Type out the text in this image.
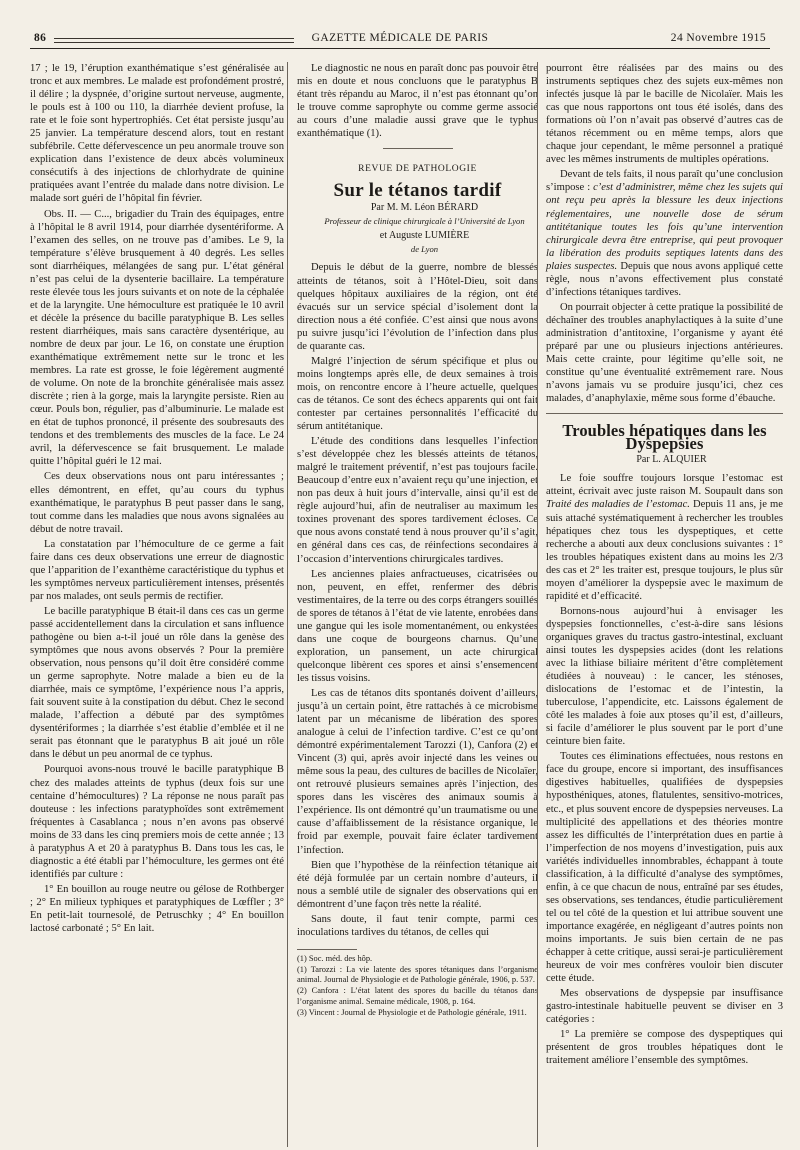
86	GAZETTE MÉDICALE DE PARIS	24 Novembre 1915

17 ; le 19, l’éruption exanthématique s’est généralisée au tronc et aux membres. Le malade est profondément prostré, il délire ; la dyspnée, d’origine surtout nerveuse, augmente, le pouls est à 100 ou 110, la diarrhée devient profuse, la rate et le foie sont hypertrophiés. Cet état persiste jusqu’au 25 janvier. La température descend alors, tout en restant subfébrile. Cette défervescence un peu anormale trouve son explication dans l’existence de deux abcès volumineux consécutifs à des injections de chlorhydrate de quinine pratiquées avant l’entrée du malade dans notre division. Le malade sort guéri de l’hôpital fin février.

Obs. II. — C..., brigadier du Train des équipages, entre à l’hôpital le 8 avril 1914, pour diarrhée dysentériforme. A l’examen des selles, on ne trouve pas d’amibes. Le 9, la température s’élève brusquement à 40 degrés. Les selles sont diarrhéiques, mélangées de sang pur. L’état général n’est pas celui de la dysenterie bacillaire. La température reste élevée tous les jours suivants et on note de la céphalée et de la laryngite. Une hémoculture est pratiquée le 10 avril et décèle la présence du bacille paratyphique B. Les selles restent diarrhéiques, mais sans caractère dysentérique, au nombre de deux par jour. Le 16, on constate une éruption exanthématique extrêmement nette sur le tronc et les membres. La rate est grosse, le foie légèrement augmenté de volume. On note de la bronchite généralisée mais assez discrète ; rien à la gorge, mais la laryngite persiste. Rien au cœur. Pouls bon, régulier, pas d’albuminurie. Le malade est en état de tuphos prononcé, il présente des soubresauts des tendons et des tremblements des muscles de la face. Le 24 avril, la défervescence se fait brusquement. Le malade quitte l’hôpital guéri le 12 mai.

Ces deux observations nous ont paru intéressantes ; elles démontrent, en effet, qu’au cours du typhus exanthématique, le paratyphus B peut passer dans le sang, tout comme dans les maladies que nous avons signalées au début de notre travail.

La constatation par l’hémoculture de ce germe a fait faire dans ces deux observations une erreur de diagnostic que l’apparition de l’exanthème caractéristique du typhus et les symptômes nerveux particulièrement intenses, présentés par nos malades, ont seuls permis de rectifier.

Le bacille paratyphique B était-il dans ces cas un germe passé accidentellement dans la circulation et sans influence pathogène ou bien a-t-il joué un rôle dans la genèse des symptômes que nous avons observés ? Pour la première observation, nous pensons qu’il doit être considéré comme un germe saprophyte. Notre malade a bien eu de la diarrhée, mais ce symptôme, l’expérience nous l’a appris, fait souvent suite à la constipation du début. Chez le second malade, l’affection a débuté par des symptômes dysentériformes ; la diarrhée s’est établie d’emblée et il ne serait pas étonnant que le paratyphus B ait joué un rôle dans le début un peu anormal de ce typhus.

Pourquoi avons-nous trouvé le bacille paratyphique B chez des malades atteints de typhus (deux fois sur une centaine d’hémocultures) ? La réponse ne nous paraît pas douteuse : les infections paratyphoïdes sont extrêmement fréquentes à Casablanca ; nous n’en avons pas observé moins de 33 dans les cinq premiers mois de cette année ; 13 à paratyphus A et 20 à paratyphus B. Dans tous les cas, le diagnostic a été établi par l’hémoculture, les germes ont été identifiés par culture :

1° En bouillon au rouge neutre ou gélose de Rothberger ; 2° En milieux typhiques et paratyphiques de Lœffler ; 3° En petit-lait tournesolé, de Petruschky ; 4° En bouillon lactosé carbonaté ; 5° En lait.

Le diagnostic ne nous en paraît donc pas pouvoir être mis en doute et nous concluons que le paratyphus B étant très répandu au Maroc, il n’est pas étonnant qu’on le trouve comme saprophyte ou comme germe associé au cours d’une maladie aussi grave que le typhus exanthématique (1).

REVUE DE PATHOLOGIE
Sur le tétanos tardif

Par M. M. Léon BÉRARD

Professeur de clinique chirurgicale à l’Université de Lyon

et Auguste LUMIÈRE

de Lyon

Depuis le début de la guerre, nombre de blessés atteints de tétanos, soit à l’Hôtel-Dieu, soit dans quelques hôpitaux auxiliaires de la région, ont été évacués sur un service spécial d’isolement dont la direction nous a été confiée. C’est ainsi que nous avons pu suivre jusqu’ici l’évolution de l’infection dans plus de quarante cas.

Malgré l’injection de sérum spécifique et plus ou moins longtemps après elle, de deux semaines à trois mois, on rencontre encore à l’heure actuelle, quelques cas de tétanos. Ce sont des échecs apparents qui ont fait contester par certaines personnalités l’efficacité du sérum antitétanique.

L’étude des conditions dans lesquelles l’infection s’est développée chez les blessés atteints de tétanos, malgré le traitement préventif, n’est pas toujours facile. Beaucoup d’entre eux n’avaient reçu qu’une injection, et non pas deux à huit jours d’intervalle, ainsi qu’il est de règle aujourd’hui, afin de neutraliser au maximum les toxines provenant des spores tardivement écloses. Ce que nous avons constaté tend à nous prouver qu’il s’agit, en général dans ces cas, de réinfections secondaires à l’occasion d’interventions chirurgicales tardives.

Les anciennes plaies anfractueuses, cicatrisées ou non, peuvent, en effet, renfermer des débris vestimentaires, de la terre ou des corps étrangers souillés de spores de tétanos à l’état de vie latente, enrobées dans une gangue qui les isole momentanément, ou enkystées dans une coque de bourgeons charnus. Qu’une exploration, un pansement, un acte chirurgical quelconque libèrent ces spores et ainsi s’ensemencent les tissus voisins.

Les cas de tétanos dits spontanés doivent d’ailleurs, jusqu’à un certain point, être rattachés à ce microbisme latent par un mécanisme de libération des spores analogue à celui de l’infection tardive. C’est ce qu’ont démontré expérimentalement Tarozzi (1), Canfora (2) et Vincent (3) qui, après avoir injecté dans les veines ou même sous la peau, des cultures de bacilles de Nicolaïer, ont retrouvé plusieurs semaines après l’injection, des spores dans les viscères des animaux soumis à l’expérience. Ils ont démontré qu’un traumatisme ou une cause d’affaiblissement de la résistance organique, le froid par exemple, pouvait faire éclater tardivement l’infection.

Bien que l’hypothèse de la réinfection tétanique ait été déjà formulée par un certain nombre d’auteurs, il nous a semblé utile de signaler des observations qui en démontrent d’une façon très nette la réalité.

Sans doute, il faut tenir compte, parmi ces inoculations tardives du tétanos, de celles qui

(1) Soc. méd. des hôp.

(1) Tarozzi : La vie latente des spores tétaniques dans l’organisme animal. Journal de Physiologie et de Pathologie générale, 1906, p. 537.

(2) Canfora : L’état latent des spores du bacille du tétanos dans l’organisme animal. Semaine médicale, 1908, p. 164.

(3) Vincent : Journal de Physiologie et de Pathologie générale, 1911.

pourront être réalisées par des mains ou des instruments septiques chez des sujets eux-mêmes non infectés jusque là par le bacille de Nicolaïer. Mais les cas que nous rapportons ont tous été isolés, dans des formations où l’on n’avait pas observé d’autres cas de tétanos récemment ou en même temps, alors que chaque jour cependant, le même personnel a pratiqué avec les mêmes instruments de multiples opérations.

Devant de tels faits, il nous paraît qu’une conclusion s’impose : c’est d’administrer, même chez les sujets qui ont reçu peu après la blessure les deux injections réglementaires, une nouvelle dose de sérum antitétanique toutes les fois qu’une intervention chirurgicale devra être entreprise, qui peut provoquer la libération des produits septiques latents dans des plaies suspectes. Depuis que nous avons appliqué cette règle, nous n’avons effectivement plus constaté d’infections tétaniques tardives.

On pourrait objecter à cette pratique la possibilité de déchaîner des troubles anaphylactiques à la suite d’une administration d’antitoxine, l’organisme y ayant été préparé par une ou plusieurs injections antérieures. Mais cette crainte, pour légitime qu’elle soit, ne constitue qu’une éventualité extrêmement rare. Nous n’avons jamais vu se produire jusqu’ici, chez ces malades, d’anaphylaxie, même sous forme d’ébauche.

Troubles hépatiques dans les Dyspepsies

Par L. ALQUIER

Le foie souffre toujours lorsque l’estomac est atteint, écrivait avec juste raison M. Soupault dans son Traité des maladies de l’estomac. Depuis 11 ans, je me suis attaché systématiquement à rechercher les troubles hépatiques chez tous les dyspeptiques, et cette recherche a abouti aux deux conclusions suivantes : 1° les troubles hépatiques existent dans au moins les 2/3 des cas et 2° les traiter est, presque toujours, le plus sûr moyen d’améliorer la dyspepsie avec le maximum de rapidité et d’efficacité.

Bornons-nous aujourd’hui à envisager les dyspepsies fonctionnelles, c’est-à-dire sans lésions organiques graves du tractus gastro-intestinal, excluant ainsi toutes les dyspepsies acides (dont les relations avec la lithiase biliaire méritent d’être complètement étudiées à nouveau) : le cancer, les sténoses, dislocations de l’estomac et de l’intestin, la tuberculose, l’appendicite, etc. Laissons également de côté les malades à foie aux ptoses qu’il est, d’ailleurs, si facile d’améliorer le plus souvent par le port d’une ceinture bien faite.

Toutes ces éliminations effectuées, nous restons en face du groupe, encore si important, des insuffisances digestives habituelles, qualifiées de dyspepsies hyposthéniques, atones, flatulentes, sensitivo-motrices, etc., et plus souvent encore de dyspepsies nerveuses. La multiplicité des appellations et des théories montre assez les difficultés de l’interprétation dues en partie à l’imperfection de nos moyens d’investigation, puis aux variétés individuelles innombrables, échappant à toute classification, à la difficulté d’analyse des symptômes, enfin, à ce que chacun de nous, entraîné par ses études, ses observations, ses tendances, étudie particulièrement tel ou tel côté de la question et lui attribue souvent une importance exagérée, en négligeant d’autres points non moins importants. Je suis bien certain de ne pas échapper à cette critique, aussi serai-je particulièrement heureux de voir mes confrères vouloir bien discuter cette étude.

Mes observations de dyspepsie par insuffisance gastro-intestinale habituelle peuvent se diviser en 3 catégories :

1° La première se compose des dyspeptiques qui présentent de gros troubles hépatiques dont le traitement améliore l’ensemble des symptômes.
